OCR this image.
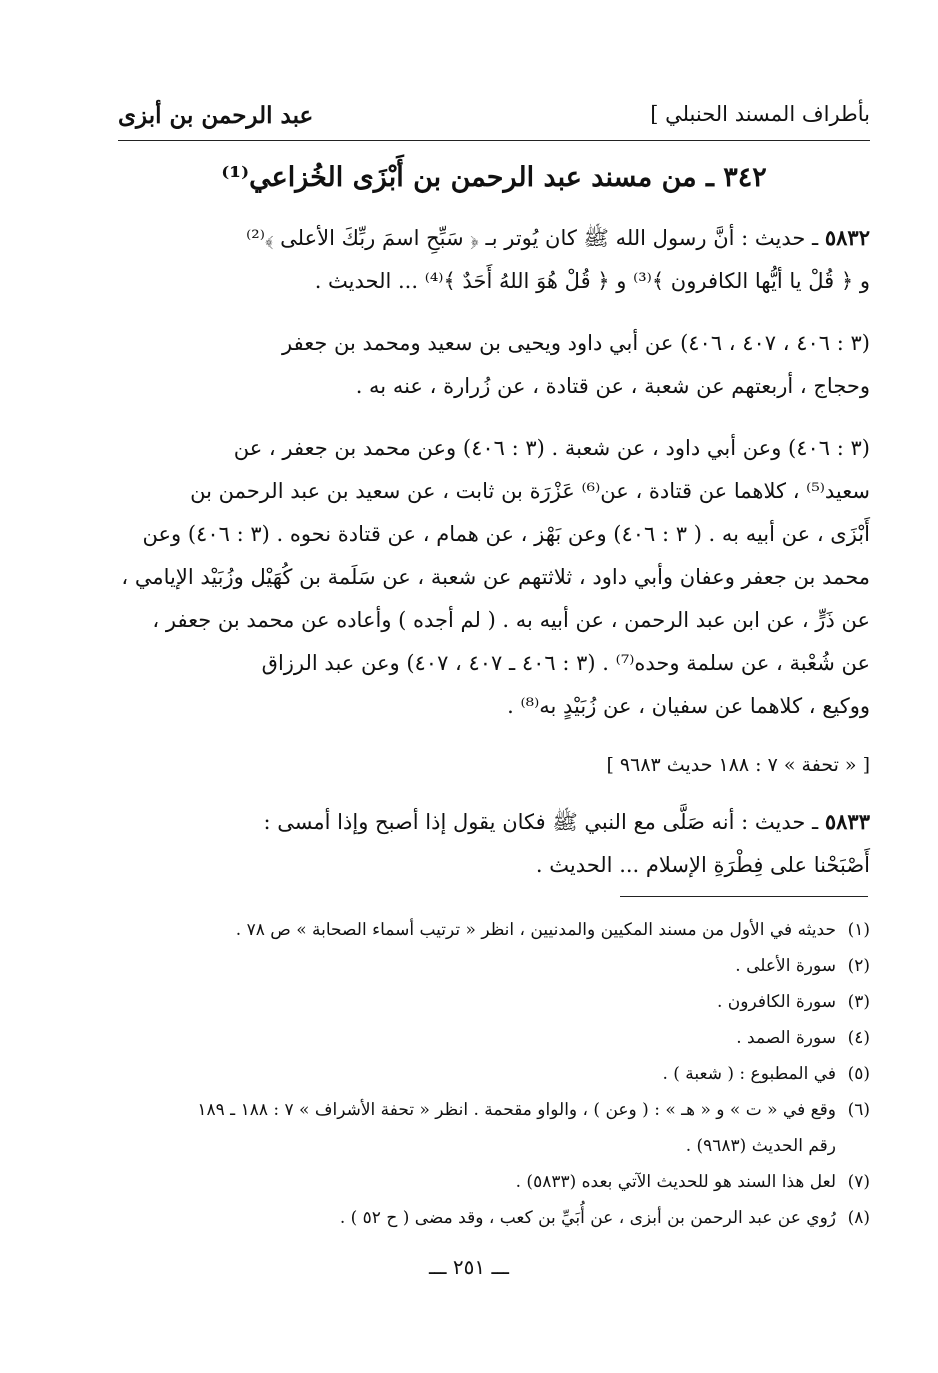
بأطراف المسند الحنبلي ]
عبد الرحمن بن أبزى
٣٤٢ ـ من مسند عبد الرحمن بن أَبْزَى الخُزاعي⁽¹⁾
٥٨٣٢ ـ حديث : أنَّ رسول الله ﷺ كان يُوتر بـ ﴿ سَبِّحِ اسمَ ربِّكَ الأعلى ﴾⁽²⁾
و ﴿ قُلْ يا أيُّها الكافرون ﴾⁽³⁾ و ﴿ قُلْ هُوَ اللهُ أَحَدٌ ﴾⁽⁴⁾ ... الحديث .
(٣ : ٤٠٦ ، ٤٠٧ ، ٤٠٦) عن أبي داود ويحيى بن سعيد ومحمد بن جعفر
وحجاج ، أربعتهم عن شعبة ، عن قتادة ، عن زُرارة ، عنه به .
(٣ : ٤٠٦) وعن أبي داود ، عن شعبة . (٣ : ٤٠٦) وعن محمد بن جعفر ، عن
سعيد⁽⁵⁾ ، كلاهما عن قتادة ، عن⁽⁶⁾ عَزْرَة بن ثابت ، عن سعيد بن عبد الرحمن بن
أَبْزَى ، عن أبيه به . ( ٣ : ٤٠٦) وعن بَهْز ، عن همام ، عن قتادة نحوه . (٣ : ٤٠٦) وعن
محمد بن جعفر وعفان وأبي داود ، ثلاثتهم عن شعبة ، عن سَلَمة بن كُهَيْل وزُبَيْد الإيامي ،
عن ذَرٍّ ، عن ابن عبد الرحمن ، عن أبيه به . ( لم أجده ) وأعاده عن محمد بن جعفر ،
عن شُعْبة ، عن سلمة وحده⁽⁷⁾ . (٣ : ٤٠٦ ـ ٤٠٧ ، ٤٠٧) وعن عبد الرزاق
ووكيع ، كلاهما عن سفيان ، عن زُبَيْدٍ به⁽⁸⁾ .
[ « تحفة » ٧ : ١٨٨ حديث ٩٦٨٣ ]
٥٨٣٣ ـ حديث : أنه صَلَّى مع النبي ﷺ فكان يقول إذا أصبح وإذا أمسى :
أَصْبَحْنا على فِطْرَةِ الإسلام ... الحديث .
(١)حديثه في الأول من مسند المكيين والمدنيين ، انظر « ترتيب أسماء الصحابة » ص ٧٨ .
(٢)سورة الأعلى .
(٣)سورة الكافرون .
(٤)سورة الصمد .
(٥)في المطبوع : ( شعبة ) .
(٦)وقع في « ت » و « هـ » : ( وعن ) ، والواو مقحمة . انظر « تحفة الأشراف » ٧ : ١٨٨ ـ ١٨٩
رقم الحديث (٩٦٨٣) .
(٧)لعل هذا السند هو للحديث الآتي بعده (٥٨٣٣) .
(٨)رُوي عن عبد الرحمن بن أبزى ، عن أُبَيِّ بن كعب ، وقد مضى ( ح ٥٢ ) .
ـــ ٢٥١ ـــ
